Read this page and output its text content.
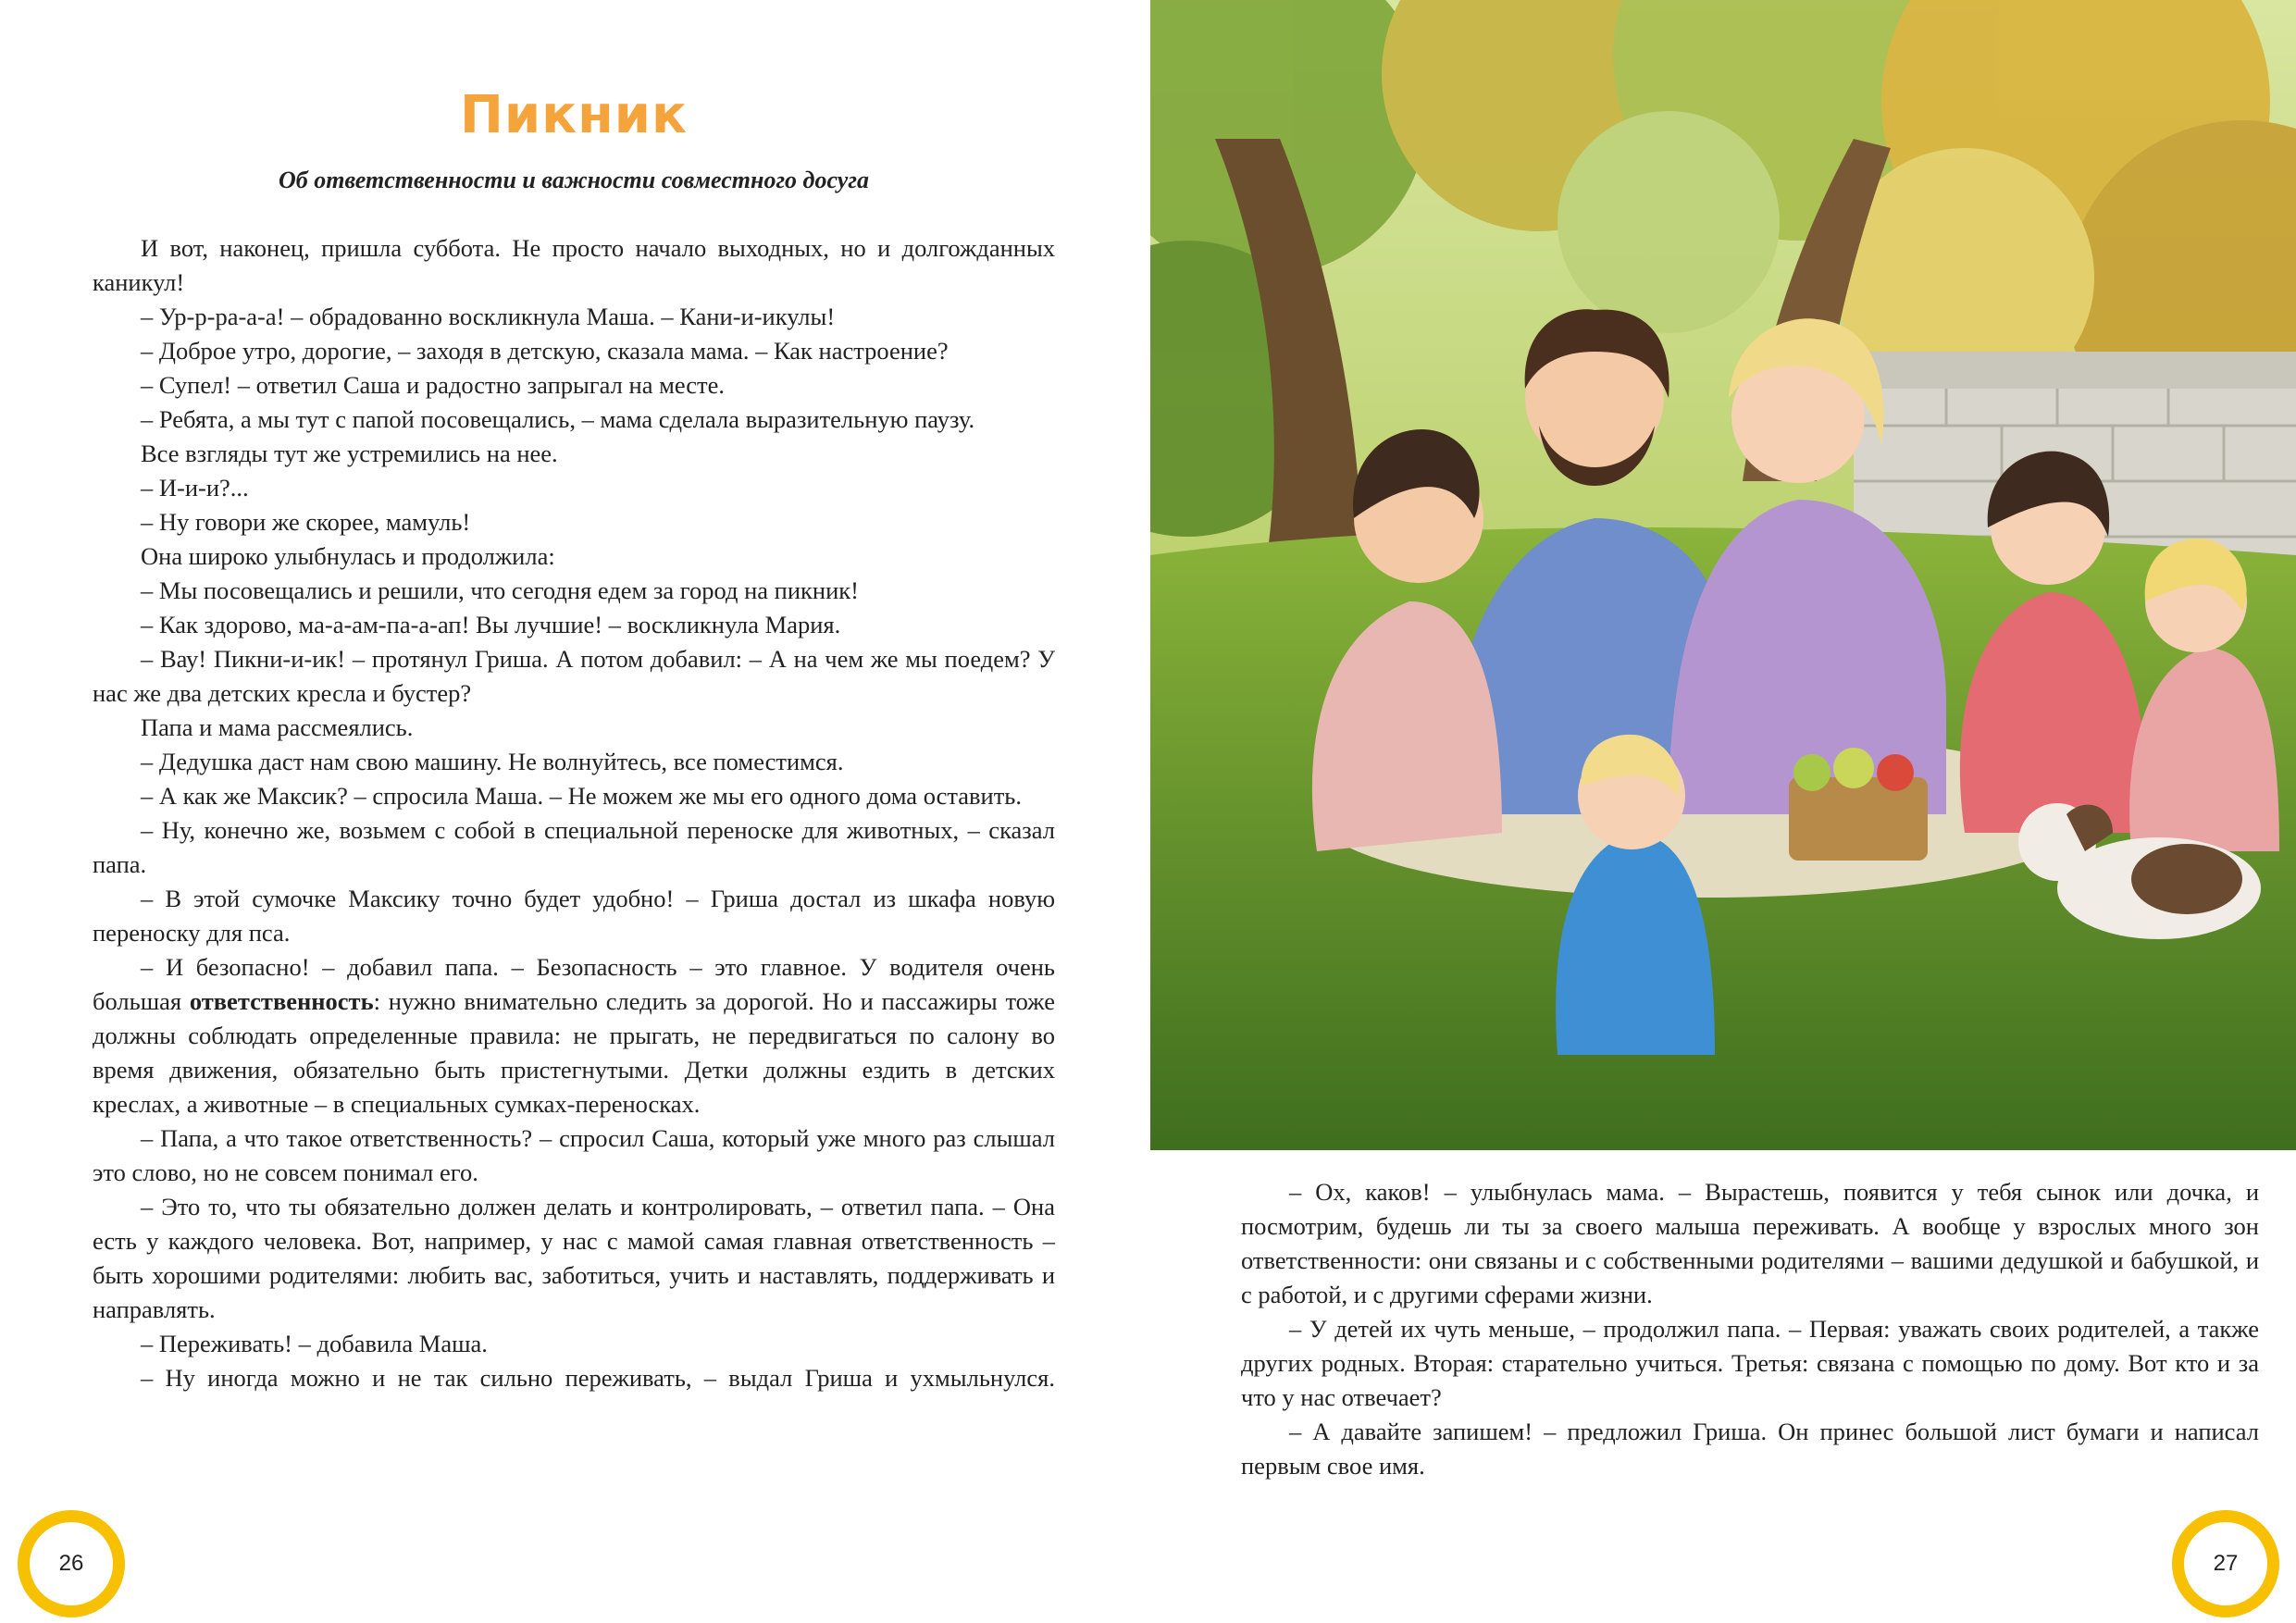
Пикник
Об ответственности и важности совместного досуга

И вот, наконец, пришла суббота. Не просто начало выходных, но и долгожданных каникул!

– Ур-р-ра-а-а! – обрадованно воскликнула Маша. – Кани-и-икулы!

– Доброе утро, дорогие, – заходя в детскую, сказала мама. – Как настроение?

– Супел! – ответил Саша и радостно запрыгал на месте.

– Ребята, а мы тут с папой посовещались, – мама сделала выразительную паузу.

Все взгляды тут же устремились на нее.

– И-и-и?...

– Ну говори же скорее, мамуль!

Она широко улыбнулась и продолжила:

– Мы посовещались и решили, что сегодня едем за город на пикник!

– Как здорово, ма-а-ам-па-а-ап! Вы лучшие! – воскликнула Мария.

– Вау! Пикни-и-ик! – протянул Гриша. А потом добавил: – А на чем же мы поедем? У нас же два детских кресла и бустер?

Папа и мама рассмеялись.

– Дедушка даст нам свою машину. Не волнуйтесь, все поместимся.

– А как же Максик? – спросила Маша. – Не можем же мы его одного дома оставить.

– Ну, конечно же, возьмем с собой в специальной переноске для животных, – сказал папа.

– В этой сумочке Максику точно будет удобно! – Гриша достал из шкафа новую переноску для пса.

– И безопасно! – добавил папа. – Безопасность – это главное. У водителя очень большая ответственность: нужно внимательно следить за дорогой. Но и пассажиры тоже должны соблюдать определенные правила: не прыгать, не передвигаться по салону во время движения, обязательно быть пристегнутыми. Детки должны ездить в детских креслах, а животные – в специальных сумках-переносках.

– Папа, а что такое ответственность? – спросил Саша, который уже много раз слышал это слово, но не совсем понимал его.

– Это то, что ты обязательно должен делать и контролировать, – ответил папа. – Она есть у каждого человека. Вот, например, у нас с мамой самая главная ответственность – быть хорошими родителями: любить вас, заботиться, учить и наставлять, поддерживать и направлять.

– Переживать! – добавила Маша.

– Ну иногда можно и не так сильно переживать, – выдал Гриша и ухмыльнулся.

26

– Ох, каков! – улыбнулась мама. – Вырастешь, появится у тебя сынок или дочка, и посмотрим, будешь ли ты за своего малыша переживать. А вообще у взрослых много зон ответственности: они связаны и с собственными родителями – вашими дедушкой и бабушкой, и с работой, и с другими сферами жизни.

– У детей их чуть меньше, – продолжил папа. – Первая: уважать своих родителей, а также других родных. Вторая: старательно учиться. Третья: связана с помощью по дому. Вот кто и за что у нас отвечает?

– А давайте запишем! – предложил Гриша. Он принес большой лист бумаги и написал первым свое имя.

27
